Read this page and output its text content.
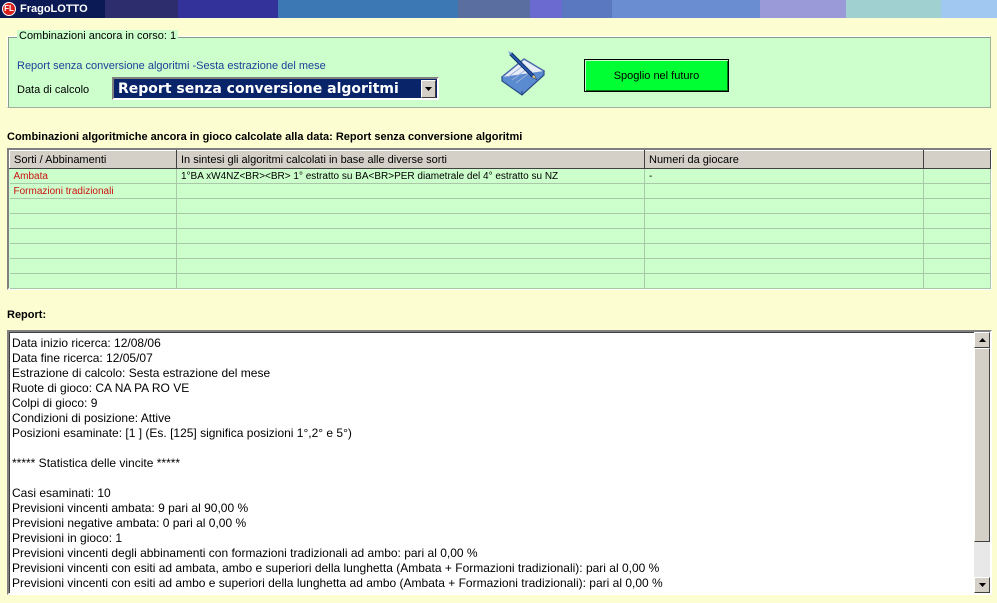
FL FragoLOTTO
Combinazioni ancora in corso: 1
Report senza conversione algoritmi -Sesta estrazione del mese
Data di calcolo Report senza conversione algoritmi
Spoglio nel futuro
Combinazioni algoritmiche ancora in gioco calcolate alla data: Report senza conversione algoritmi
Sorti / Abbinamenti	In sintesi gli algoritmi calcolati in base alle diverse sorti	Numeri da giocare	
Ambata	1°BA xW4NZ<BR><BR> 1° estratto su BA<BR>PER diametrale del 4° estratto su NZ	-	
Formazioni tradizionali			

Report:
Data inizio ricerca: 12/08/06
Data fine ricerca: 12/05/07
Estrazione di calcolo: Sesta estrazione del mese
Ruote di gioco: CA NA PA RO VE
Colpi di gioco: 9
Condizioni di posizione: Attive
Posizioni esaminate: [1 ] (Es. [125] significa posizioni 1°,2° e 5°)
***** Statistica delle vincite *****
Casi esaminati: 10
Previsioni vincenti ambata: 9 pari al 90,00 %
Previsioni negative ambata: 0 pari al 0,00 %
Previsioni in gioco: 1
Previsioni vincenti degli abbinamenti con formazioni tradizionali ad ambo: pari al 0,00 %
Previsioni vincenti con esiti ad ambata, ambo e superiori della lunghetta (Ambata + Formazioni tradizionali): pari al 0,00 %
Previsioni vincenti con esiti ad ambo e superiori della lunghetta ad ambo (Ambata + Formazioni tradizionali): pari al 0,00 %
